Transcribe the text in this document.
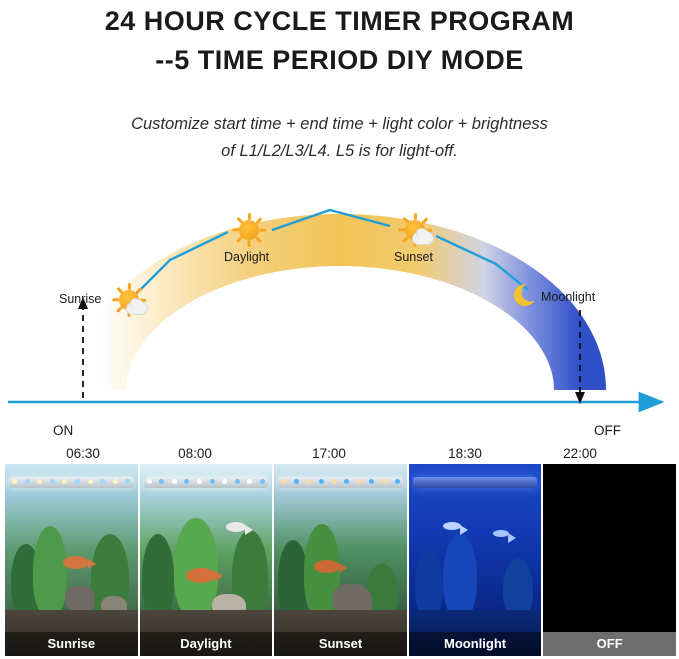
24 HOUR CYCLE TIMER PROGRAM
--5 TIME PERIOD DIY MODE
Customize start time + end time + light color + brightness
of L1/L2/L3/L4. L5 is for light-off.
Sunrise
Daylight	Sunset
Moonlight
ON	OFF
06:30	08:00	17:00	18:30	22:00
Sunrise	Daylight	Sunset	Moonlight	OFF
